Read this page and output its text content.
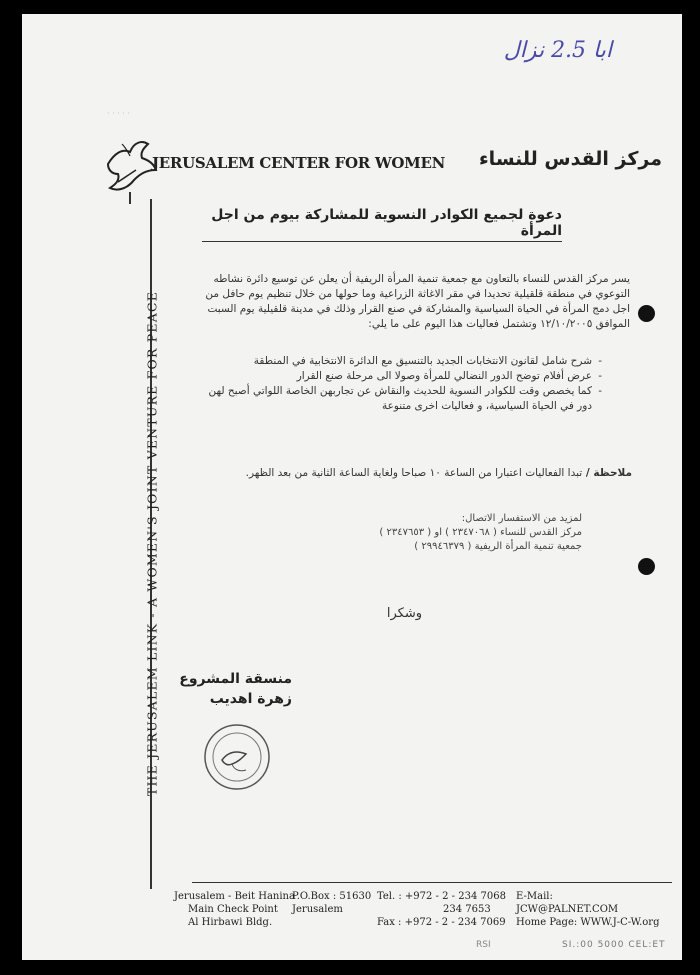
· · · · ·
ابا 2.5 نزال
JERUSALEM CENTER FOR WOMEN	مركز القدس للنساء
دعوة لجميع الكوادر النسوية للمشاركة بيوم من اجل المرأة
THE JERUSALEM LINK - A WOMEN'S JOINT VENTURE FOR PEACE
يسر مركز القدس للنساء بالتعاون مع جمعية تنمية المرأة الريفية أن يعلن عن توسيع دائرة نشاطه التوعوي في منطقة قلقيلية تحديدا في مقر الاغاثة الزراعية وما حولها من خلال تنظيم يوم حافل من اجل دمج المرأة في الحياة السياسية والمشاركة في صنع القرار وذلك في مدينة قلقيلية يوم السبت الموافق ١٢/١٠/٢٠٠٥ وتشتمل فعاليات هذا اليوم على ما يلي:
- شرح شامل لقانون الانتخابات الجديد بالتنسيق مع الدائرة الانتخابية في المنطقة
- عرض أفلام توضح الدور النضالي للمرأة وصولا الى مرحلة صنع القرار
- كما يخصص وقت للكوادر النسوية للحديث والنقاش عن تجاربهن الخاصة اللواتي أصبح لهن دور في الحياة السياسية، و فعاليات اخرى متنوعة
ملاحظة / تبدا الفعاليات اعتبارا من الساعة ١٠ صباحا ولغاية الساعة الثانية من بعد الظهر.
لمزيد من الاستفسار الاتصال:
مركز القدس للنساء ( ٢٣٤٧٠٦٨ ) او ( ٢٣٤٧٦٥٣ )
جمعية تنمية المرأة الريفية ( ٢٩٩٤٦٣٧٩ )
وشكرا
منسقة المشروع
زهرة اهديب
Jerusalem - Beit Hanina
Main Check Point
Al Hirbawi Bldg.
P.O.Box : 51630
Jerusalem
Tel. : +972 - 2 - 234 7068
234 7653
Fax : +972 - 2 - 234 7069
E-Mail:
JCW@PALNET.COM
Home Page: WWW.J-C-W.org
RSI	SI.:00 5000 CEL:ET
